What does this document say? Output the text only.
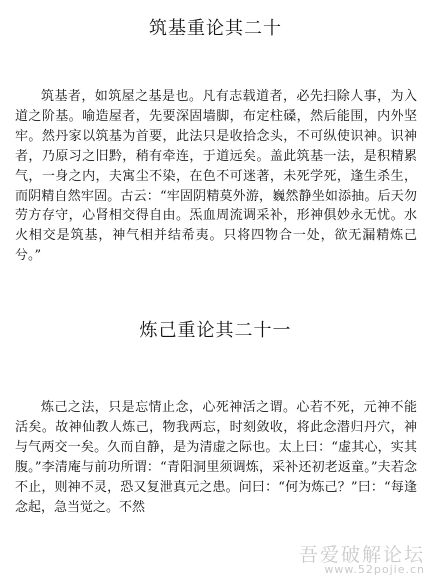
筑基重论其二十

筑基者，如筑屋之基是也。凡有志载道者，必先扫除人事，为入道之阶基。喻造屋者，先要深固墙脚，布定柱磉，然后能围，内外坚牢。然丹家以筑基为首要，此法只是收拾念头，不可纵使识神。识神者，乃原习之旧黔，稍有牵连，于道远矣。盖此筑基一法，是积精累气，一身之内，夫寓尘不染，在色不可迷著，未死学死，逢生杀生，而阴精自然牢固。古云：“牢固阴精莫外游，巍然静坐如添抽。后天勿劳方存守，心肾相交得自由。炁血周流调采补，形神俱妙永无忧。水火相交是筑基，神气相并结希夷。只将四物合一处，欲无漏精炼己兮。”

炼己重论其二十一

炼己之法，只是忘情止念，心死神活之谓。心若不死，元神不能活矣。故神仙教人炼己，物我两忘，时刻敛收，将此念潜归丹穴，神与气两交一矣。久而自静，是为清虚之际也。太上曰：“虚其心，实其腹。”李清庵与前功所谓：“青阳洞里须调炼，采补还初老返童。”夫若念不止，则神不灵，恐又复泄真元之患。问曰：“何为炼己？”曰：“每逢念起，急当觉之。不然

吾爱破解论坛
www.52pojie.cn
